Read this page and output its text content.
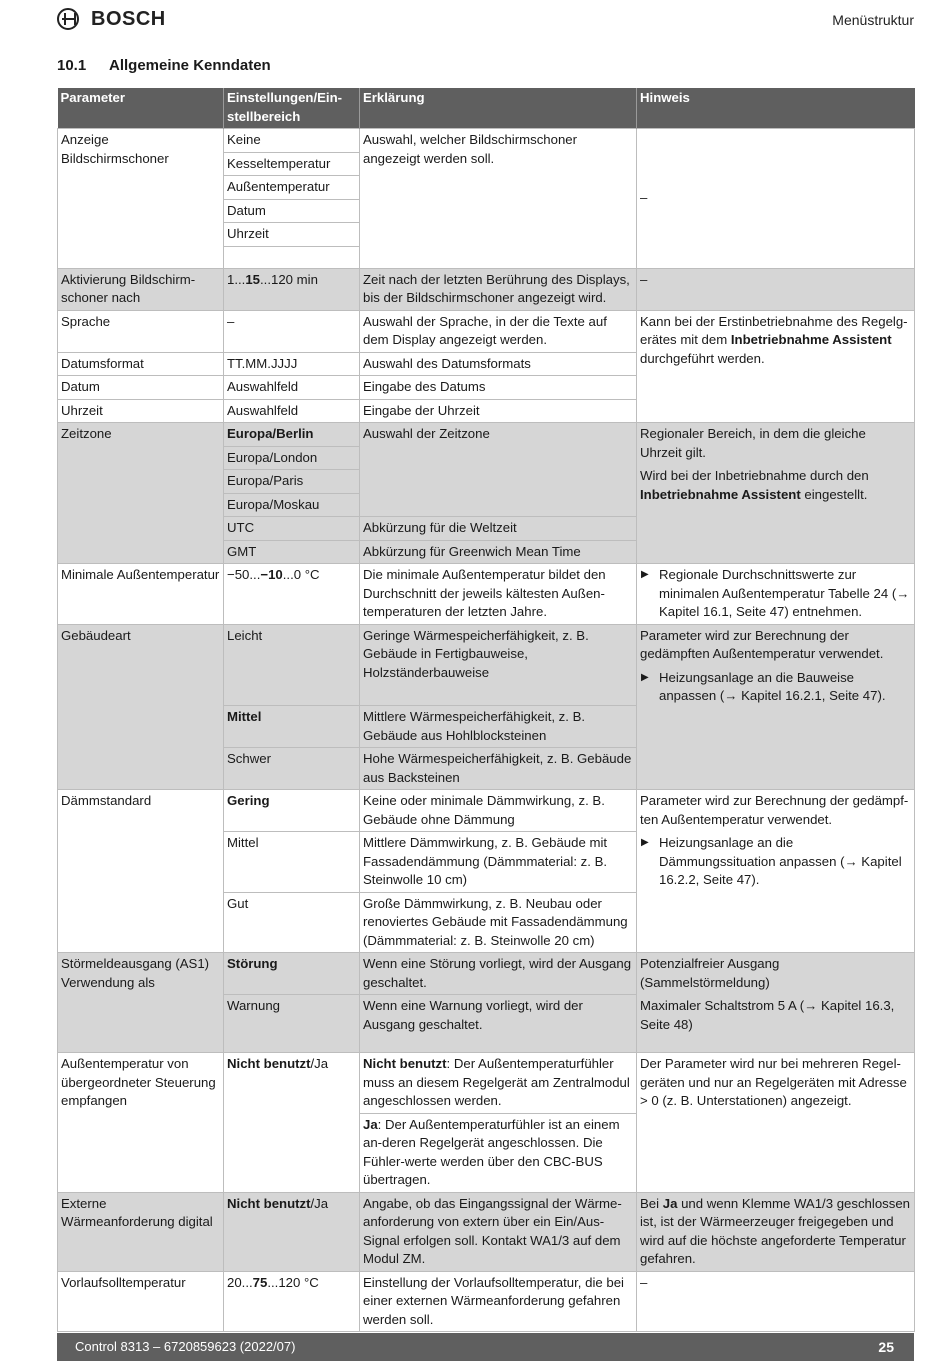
BOSCH	Menüstruktur
10.1 Allgemeine Kenndaten
Parameter	Einstellungen/Ein-stellbereich	Erklärung	Hinweis
Anzeige Bildschirmschoner	Keine	Auswahl, welcher Bildschirmschoner angezeigt werden soll.	–
	Kesseltemperatur		
	Außentemperatur		
	Datum		
	Uhrzeit		

Aktivierung Bildschirm-schoner nach	1...15...120 min	Zeit nach der letzten Berührung des Displays, bis der Bildschirmschoner angezeigt wird.	–
Sprache	–	Auswahl der Sprache, in der die Texte auf dem Display angezeigt werden.	Kann bei der Erstinbetriebnahme des Regelg-erätes mit dem Inbetriebnahme Assistent durchgeführt werden.
Datumsformat	TT.MM.JJJJ	Auswahl des Datumsformats	
Datum	Auswahlfeld	Eingabe des Datums	
Uhrzeit	Auswahlfeld	Eingabe der Uhrzeit	
Zeitzone	Europa/Berlin	Auswahl der Zeitzone	Regionaler Bereich, in dem die gleiche Uhrzeit gilt.
Wird bei der Inbetriebnahme durch den Inbetriebnahme Assistent eingestellt.

	Europa/London		
	Europa/Paris		
	Europa/Moskau		
	UTC	Abkürzung für die Weltzeit	
	GMT	Abkürzung für Greenwich Mean Time	
Minimale Außentemperatur	−50...−10...0 °C	Die minimale Außentemperatur bildet den Durchschnitt der jeweils kältesten Außen-temperaturen der letzten Jahre.	▶ Regionale Durchschnittswerte zur minimalen Außentemperatur Tabelle 24 (→ Kapitel 16.1, Seite 47) entnehmen.

Gebäudeart	Leicht	Geringe Wärmespeicherfähigkeit, z. B. Gebäude in Fertigbauweise, Holzständerbauweise	Parameter wird zur Berechnung der gedämpften Außentemperatur verwendet.
▶ Heizungsanlage an die Bauweise anpassen (→ Kapitel 16.2.1, Seite 47).

	Mittel	Mittlere Wärmespeicherfähigkeit, z. B. Gebäude aus Hohlblocksteinen	
	Schwer	Hohe Wärmespeicherfähigkeit, z. B. Gebäude aus Backsteinen	
Dämmstandard	Gering	Keine oder minimale Dämmwirkung, z. B. Gebäude ohne Dämmung	Parameter wird zur Berechnung der gedämpf-ten Außentemperatur verwendet.
▶ Heizungsanlage an die Dämmungssituation anpassen (→ Kapitel 16.2.2, Seite 47).

	Mittel	Mittlere Dämmwirkung, z. B. Gebäude mit Fassadendämmung (Dämmmaterial: z. B. Steinwolle 10 cm)	
	Gut	Große Dämmwirkung, z. B. Neubau oder renoviertes Gebäude mit Fassadendämmung (Dämmmaterial: z. B. Steinwolle 20 cm)	
Störmeldeausgang (AS1) Verwendung als	Störung	Wenn eine Störung vorliegt, wird der Ausgang geschaltet.	Potenzialfreier Ausgang (Sammelstörmeldung)
Maximaler Schaltstrom 5 A (→ Kapitel 16.3, Seite 48)

	Warnung	Wenn eine Warnung vorliegt, wird der Ausgang geschaltet.	
Außentemperatur von übergeordneter Steuerung empfangen	Nicht benutzt/Ja	Nicht benutzt: Der Außentemperaturfühler muss an diesem Regelgerät am Zentralmodul angeschlossen werden.	Der Parameter wird nur bei mehreren Regel-geräten und nur an Regelgeräten mit Adresse > 0 (z. B. Unterstationen) angezeigt.
		Ja: Der Außentemperaturfühler ist an einem an-deren Regelgerät angeschlossen. Die Fühler-werte werden über den CBC-BUS übertragen.	
Externe Wärmeanforderung digital	Nicht benutzt/Ja	Angabe, ob das Eingangssignal der Wärme-anforderung von extern über ein Ein/Aus-Signal erfolgen soll. Kontakt WA1/3 auf dem Modul ZM.	Bei Ja und wenn Klemme WA1/3 geschlossen ist, ist der Wärmeerzeuger freigegeben und wird auf die höchste angeforderte Temperatur gefahren.
Vorlaufsolltemperatur	20...75...120 °C	Einstellung der Vorlaufsolltemperatur, die bei einer externen Wärmeanforderung gefahren werden soll.	–
Control 8313 – 6720859623 (2022/07)	25
